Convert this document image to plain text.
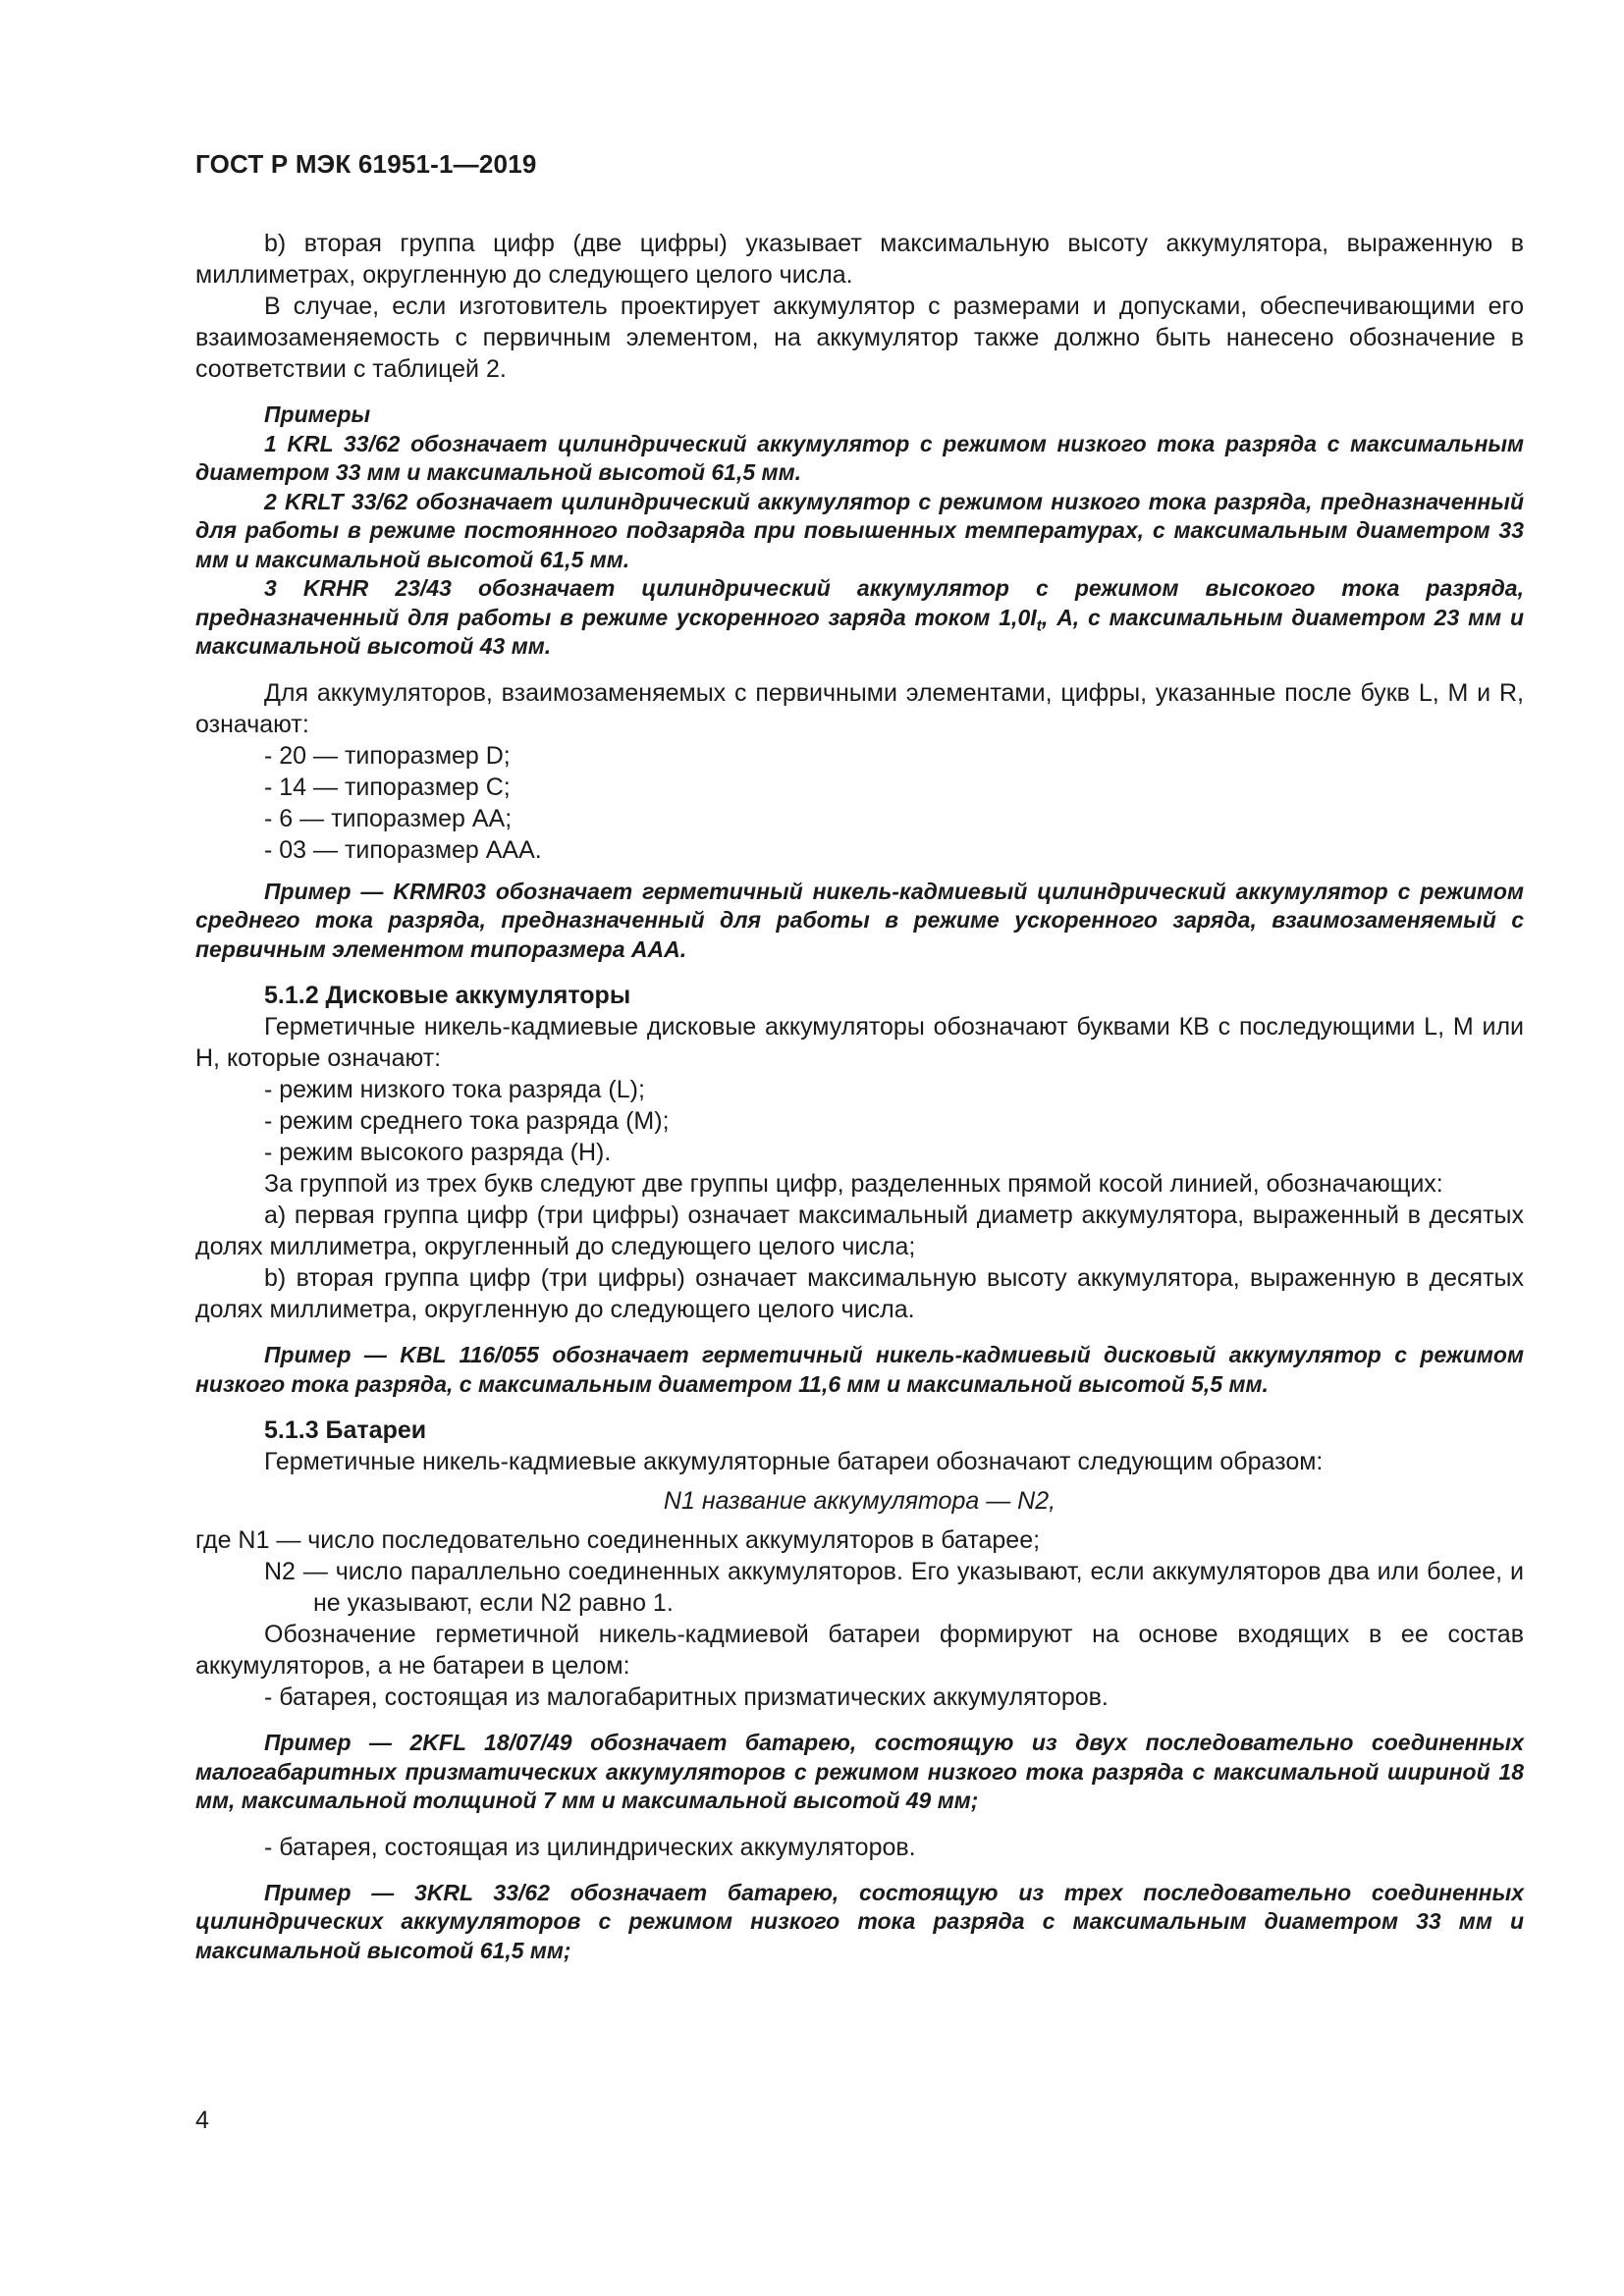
ГОСТ Р МЭК 61951-1—2019

b) вторая группа цифр (две цифры) указывает максимальную высоту аккумулятора, выраженную в миллиметрах, округленную до следующего целого числа.

В случае, если изготовитель проектирует аккумулятор с размерами и допусками, обеспечивающими его взаимозаменяемость с первичным элементом, на аккумулятор также должно быть нанесено обозначение в соответствии с таблицей 2.

Примеры

1 KRL 33/62 обозначает цилиндрический аккумулятор с режимом низкого тока разряда с максимальным диаметром 33 мм и максимальной высотой 61,5 мм.

2 KRLT 33/62 обозначает цилиндрический аккумулятор с режимом низкого тока разряда, предназначенный для работы в режиме постоянного подзаряда при повышенных температурах, с максимальным диаметром 33 мм и максимальной высотой 61,5 мм.

3 KRHR 23/43 обозначает цилиндрический аккумулятор с режимом высокого тока разряда, предназначенный для работы в режиме ускоренного заряда током $1,0I_t$, А, с максимальным диаметром 23 мм и максимальной высотой 43 мм.

Для аккумуляторов, взаимозаменяемых с первичными элементами, цифры, указанные после букв L, М и R, означают:

- 20 — типоразмер D;

- 14 — типоразмер С;

- 6 — типоразмер АА;

- 03 — типоразмер ААА.

Пример — KRMR03 обозначает герметичный никель-кадмиевый цилиндрический аккумулятор с режимом среднего тока разряда, предназначенный для работы в режиме ускоренного заряда, взаимозаменяемый с первичным элементом типоразмера ААА.

5.1.2 Дисковые аккумуляторы

Герметичные никель-кадмиевые дисковые аккумуляторы обозначают буквами КВ с последующими L, М или Н, которые означают:

- режим низкого тока разряда (L);

- режим среднего тока разряда (М);

- режим высокого разряда (Н).

За группой из трех букв следуют две группы цифр, разделенных прямой косой линией, обозначающих:

а) первая группа цифр (три цифры) означает максимальный диаметр аккумулятора, выраженный в десятых долях миллиметра, округленный до следующего целого числа;

b) вторая группа цифр (три цифры) означает максимальную высоту аккумулятора, выраженную в десятых долях миллиметра, округленную до следующего целого числа.

Пример — KBL 116/055 обозначает герметичный никель-кадмиевый дисковый аккумулятор с режимом низкого тока разряда, с максимальным диаметром 11,6 мм и максимальной высотой 5,5 мм.

5.1.3 Батареи

Герметичные никель-кадмиевые аккумуляторные батареи обозначают следующим образом:

N1 название аккумулятора — N2,

где N1 — число последовательно соединенных аккумуляторов в батарее;

N2 — число параллельно соединенных аккумуляторов. Его указывают, если аккумуляторов два или более, и не указывают, если N2 равно 1.

Обозначение герметичной никель-кадмиевой батареи формируют на основе входящих в ее состав аккумуляторов, а не батареи в целом:

- батарея, состоящая из малогабаритных призматических аккумуляторов.

Пример — 2KFL 18/07/49 обозначает батарею, состоящую из двух последовательно соединенных малогабаритных призматических аккумуляторов с режимом низкого тока разряда с максимальной шириной 18 мм, максимальной толщиной 7 мм и максимальной высотой 49 мм;

- батарея, состоящая из цилиндрических аккумуляторов.

Пример — 3KRL 33/62 обозначает батарею, состоящую из трех последовательно соединенных цилиндрических аккумуляторов с режимом низкого тока разряда с максимальным диаметром 33 мм и максимальной высотой 61,5 мм;

4
